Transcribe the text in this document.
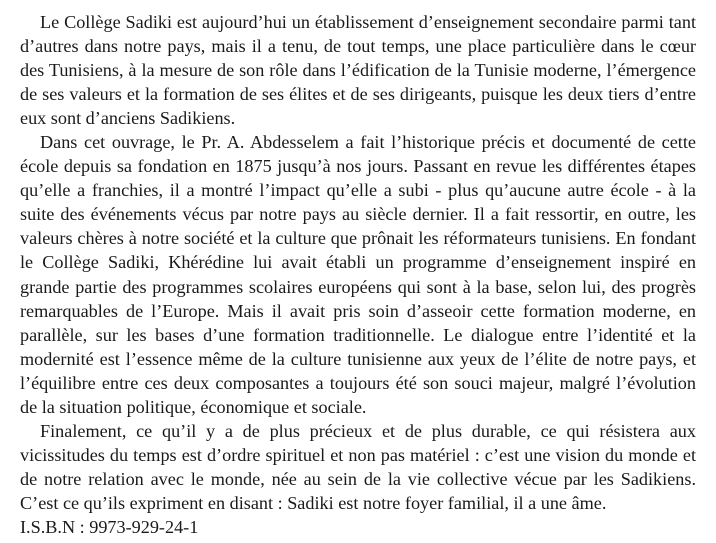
Le Collège Sadiki est aujourd’hui un établissement d’enseignement secondaire parmi tant d’autres dans notre pays, mais il a tenu, de tout temps, une place particulière dans le cœur des Tunisiens, à la mesure de son rôle dans l’édification de la Tunisie moderne, l’émergence de ses valeurs et la formation de ses élites et de ses dirigeants, puisque les deux tiers d’entre eux sont d’anciens Sadikiens.

Dans cet ouvrage, le Pr. A. Abdesselem a fait l’historique précis et documenté de cette école depuis sa fondation en 1875 jusqu’à nos jours. Passant en revue les différentes étapes qu’elle a franchies, il a montré l’impact qu’elle a subi - plus qu’aucune autre école - à la suite des événements vécus par notre pays au siècle dernier. Il a fait ressortir, en outre, les valeurs chères à notre société et la culture que prônait les réformateurs tunisiens. En fondant le Collège Sadiki, Khérédine lui avait établi un programme d’enseignement inspiré en grande partie des programmes scolaires européens qui sont à la base, selon lui, des progrès remarquables de l’Europe. Mais il avait pris soin d’asseoir cette formation moderne, en parallèle, sur les bases d’une formation traditionnelle. Le dialogue entre l’identité et la modernité est l’essence même de la culture tunisienne aux yeux de l’élite de notre pays, et l’équilibre entre ces deux composantes a toujours été son souci majeur, malgré l’évolution de la situation politique, économique et sociale.

Finalement, ce qu’il y a de plus précieux et de plus durable, ce qui résistera aux vicissitudes du temps est d’ordre spirituel et non pas matériel : c’est une vision du monde et de notre relation avec le monde, née au sein de la vie collective vécue par les Sadikiens. C’est ce qu’ils expriment en disant : Sadiki est notre foyer familial, il a une âme.

I.S.B.N : 9973-929-24-1
